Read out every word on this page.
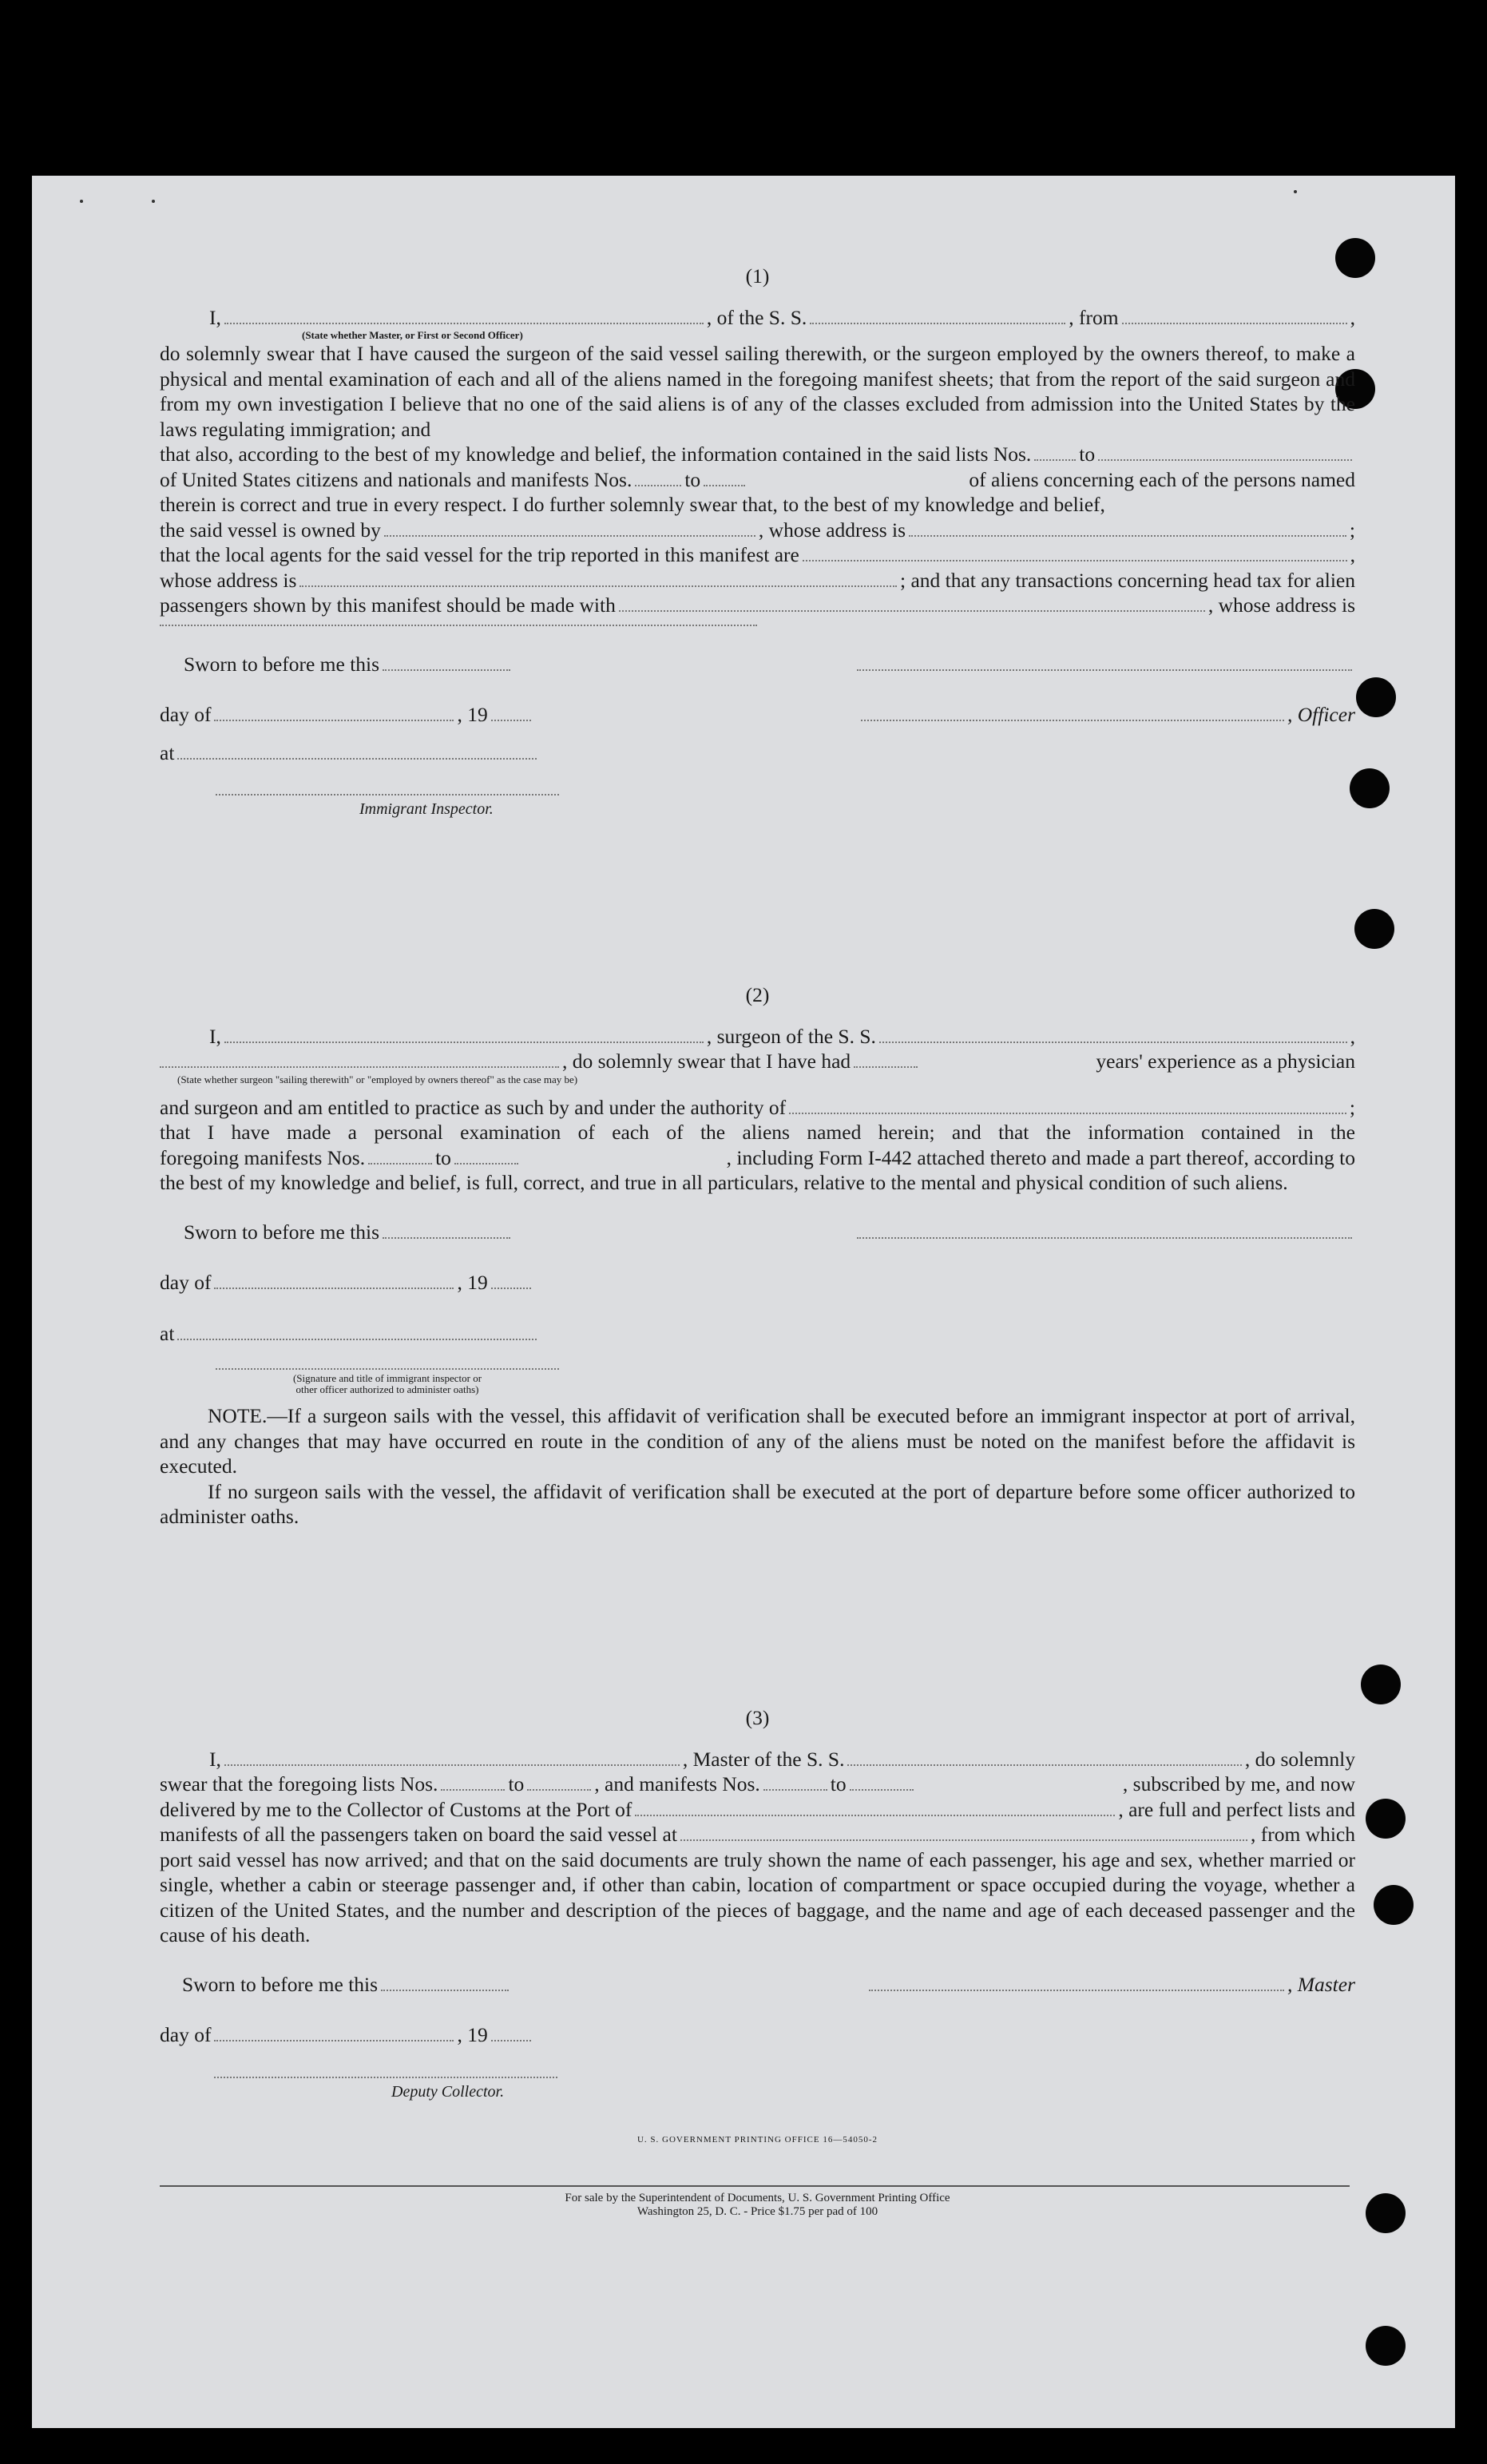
(1)
I,	, of the S. S.	, from	,
(State whether Master, or First or Second Officer)

do solemnly swear that I have caused the surgeon of the said vessel sailing therewith, or the surgeon employed by the owners thereof, to make a physical and mental examination of each and all of the aliens named in the foregoing manifest sheets; that from the report of the said surgeon and from my own investigation I believe that no one of the said aliens is of any of the classes excluded from admission into the United States by the laws regulating immigration; and

that also, according to the best of my knowledge and belief, the information contained in the said lists Nos. to
of United States citizens and nationals and manifests Nos.	to	of aliens concerning each of the persons named

therein is correct and true in every respect. I do further solemnly swear that, to the best of my knowledge and belief,

the said vessel is owned by	, whose address is	;
that the local agents for the said vessel for the trip reported in this manifest are	,
whose address is	; and that any transactions concerning head tax for alien
passengers shown by this manifest should be made with	, whose address is
Sworn to before me this
day of	, 19	, Officer
at
Immigrant Inspector.
(2)
I,	, surgeon of the S. S.	,
, do solemnly swear that I have had	years' experience as a physician
(State whether surgeon "sailing therewith" or "employed by owners thereof" as the case may be)
and surgeon and am entitled to practice as such by and under the authority of	;

that I have made a personal examination of each of the aliens named herein; and that the information contained in the

foregoing manifests Nos.	to	, including Form I-442 attached thereto and made a part thereof, according to

the best of my knowledge and belief, is full, correct, and true in all particulars, relative to the mental and physical condition of such aliens.

Sworn to before me this
day of	, 19
at
(Signature and title of immigrant inspector or
other officer authorized to administer oaths)

NOTE.—If a surgeon sails with the vessel, this affidavit of verification shall be executed before an immigrant inspector at port of arrival, and any changes that may have occurred en route in the condition of any of the aliens must be noted on the manifest before the affidavit is executed.

If no surgeon sails with the vessel, the affidavit of verification shall be executed at the port of departure before some officer authorized to administer oaths.

(3)
I,	, Master of the S. S.	, do solemnly
swear that the foregoing lists Nos.	to	, and manifests Nos.	to	, subscribed by me, and now
delivered by me to the Collector of Customs at the Port of	, are full and perfect lists and
manifests of all the passengers taken on board the said vessel at	, from which

port said vessel has now arrived; and that on the said documents are truly shown the name of each passenger, his age and sex, whether married or single, whether a cabin or steerage passenger and, if other than cabin, location of compartment or space occupied during the voyage, whether a citizen of the United States, and the number and description of the pieces of baggage, and the name and age of each deceased passenger and the cause of his death.

Sworn to before me this	, Master
day of	, 19
Deputy Collector.
U. S. GOVERNMENT PRINTING OFFICE 16—54050-2
For sale by the Superintendent of Documents, U. S. Government Printing Office
Washington 25, D. C. - Price $1.75 per pad of 100
